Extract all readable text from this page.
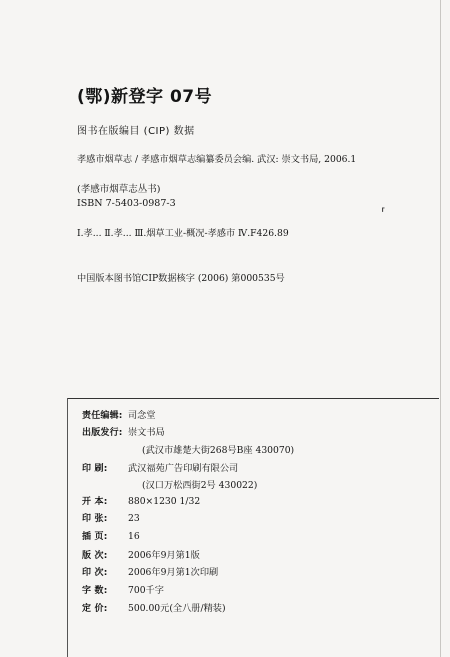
(鄂)新登字 07号
图书在版编目 (CIP) 数据
孝感市烟草志 / 孝感市烟草志编纂委员会编. 武汉: 崇文书局, 2006.1
(孝感市烟草志丛书)
ISBN 7-5403-0987-3
Ⅰ.孝... Ⅱ.孝... Ⅲ.烟草工业-概况-孝感市 Ⅳ.F426.89
中国版本图书馆CIP数据核字 (2006) 第000535号
⸢
责任编辑: 司念堂
出版发行: 崇文书局
(武汉市雄楚大街268号B座 430070)
印 刷: 武汉福苑广告印刷有限公司
(汉口万松西街2号 430022)
开 本: 880×1230 1/32
印 张: 23
插 页: 16
版 次: 2006年9月第1版
印 次: 2006年9月第1次印刷
字 数: 700千字
定 价: 500.00元(全八册/精装)
